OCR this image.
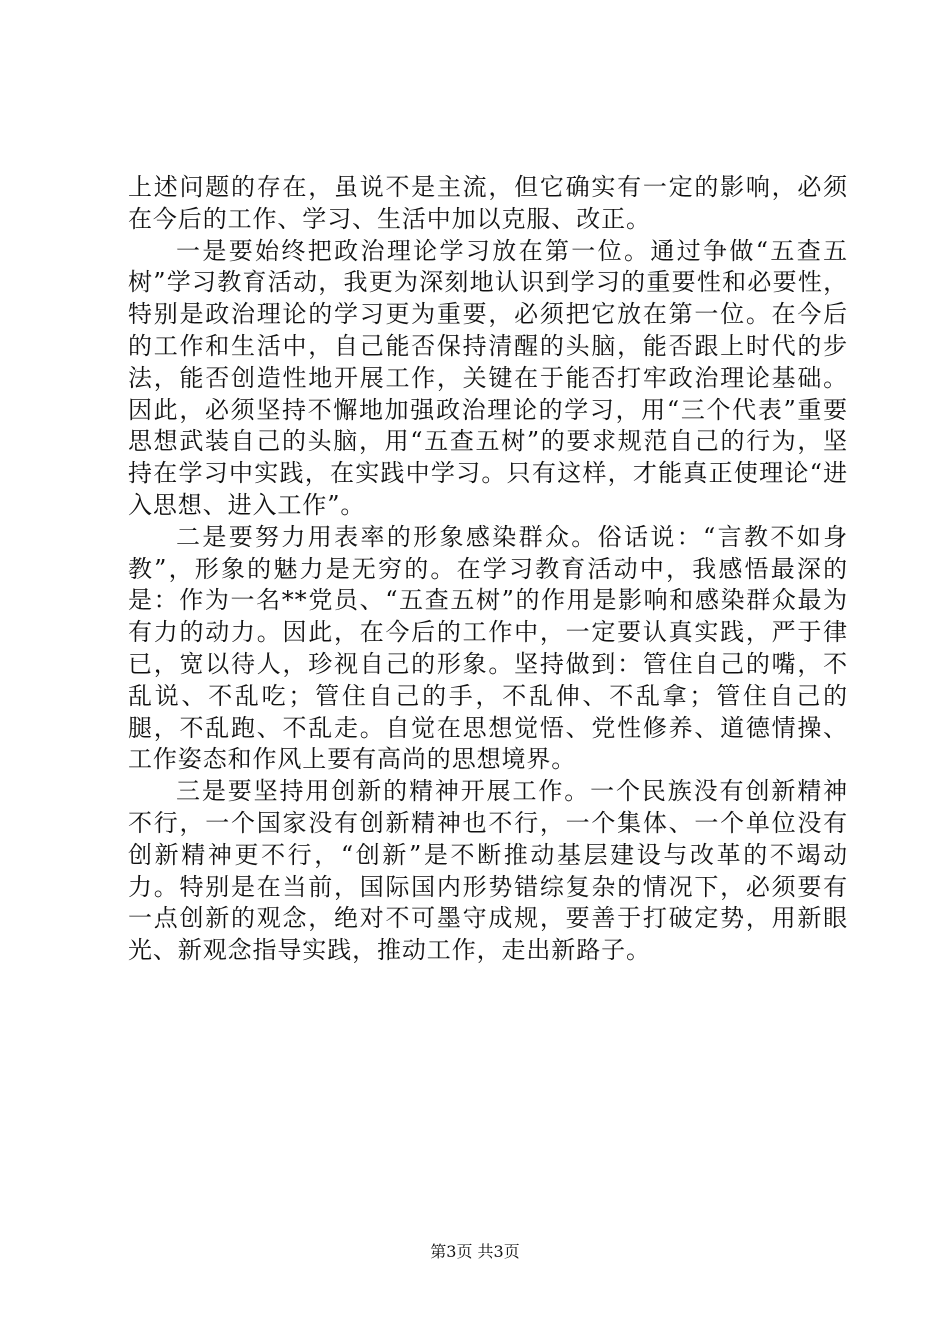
上述问题的存在，虽说不是主流，但它确实有一定的影响，必须在今后的工作、学习、生活中加以克服、改正。

一是要始终把政治理论学习放在第一位。通过争做“五查五树”学习教育活动，我更为深刻地认识到学习的重要性和必要性，特别是政治理论的学习更为重要，必须把它放在第一位。在今后的工作和生活中，自己能否保持清醒的头脑，能否跟上时代的步法，能否创造性地开展工作，关键在于能否打牢政治理论基础。因此，必须坚持不懈地加强政治理论的学习，用“三个代表”重要思想武装自己的头脑，用“五查五树”的要求规范自己的行为，坚持在学习中实践，在实践中学习。只有这样，才能真正使理论“进入思想、进入工作”。

二是要努力用表率的形象感染群众。俗话说：“言教不如身教”，形象的魅力是无穷的。在学习教育活动中，我感悟最深的是：作为一名**党员、“五查五树”的作用是影响和感染群众最为有力的动力。因此，在今后的工作中，一定要认真实践，严于律已，宽以待人，珍视自己的形象。坚持做到：管住自己的嘴，不乱说、不乱吃；管住自己的手，不乱伸、不乱拿；管住自己的腿，不乱跑、不乱走。自觉在思想觉悟、党性修养、道德情操、工作姿态和作风上要有高尚的思想境界。

三是要坚持用创新的精神开展工作。一个民族没有创新精神不行，一个国家没有创新精神也不行，一个集体、一个单位没有创新精神更不行，“创新”是不断推动基层建设与改革的不竭动力。特别是在当前，国际国内形势错综复杂的情况下，必须要有一点创新的观念，绝对不可墨守成规，要善于打破定势，用新眼光、新观念指导实践，推动工作，走出新路子。

第3页 共3页
